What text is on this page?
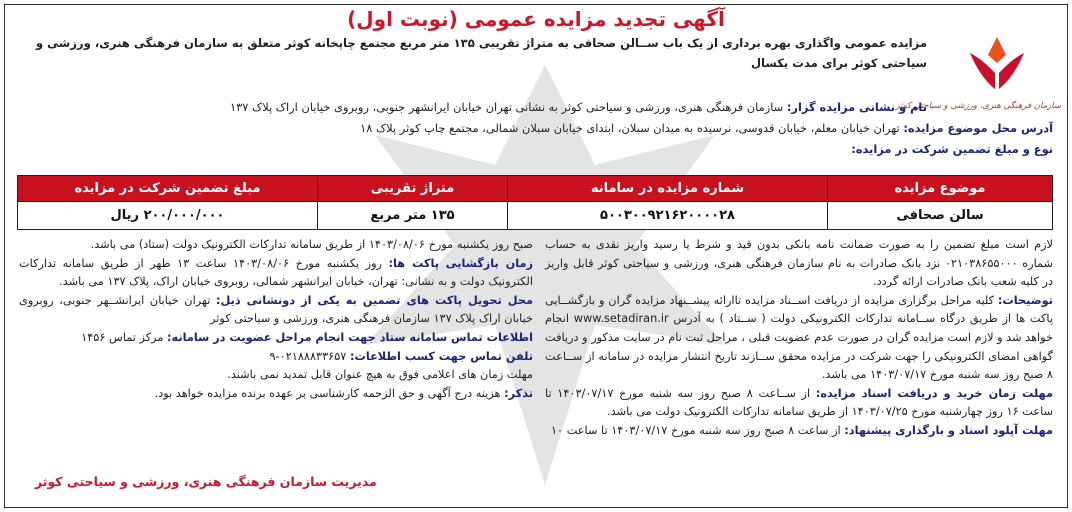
سازمان فرهنگی هنری، ورزشی و سیاحتی کوثر
آگهی تجدید مزایده عمومی (نوبت اول)
مزایده عمومی واگذاری بهره برداری از یک باب ســالن صحافی به متراژ تقریبی ۱۳۵ متر مربع مجتمع چاپخانه کوثر متعلق به سازمان فرهنگی هنری، ورزشی و سیاحتی کوثر برای مدت یکسال
نام و نشانی مزایده گزار: سازمان فرهنگی هنری، ورزشی و سیاحتی کوثر به نشانی تهران خیابان ایرانشهر جنوبی، روبروی خیابان اراک پلاک ۱۳۷
آدرس محل موضوع مزایده: تهران خیابان معلم، خیابان قدوسی، نرسیده به میدان سبلان، ابتدای خیابان سبلان شمالی، مجتمع چاپ کوثر پلاک ۱۸
نوع و مبلغ تضمین شرکت در مزایده:
موضوع مزایده	شماره مزایده در سامانه	متراژ تقریبی	مبلغ تضمین شرکت در مزایده
سالن صحافی	۵۰۰۳۰۰۹۲۱۶۲۰۰۰۰۲۸	۱۳۵ متر مربع	۲۰۰/۰۰۰/۰۰۰ ریال

لازم است مبلغ تضمین را به صورت ضمانت نامه بانکی بدون قید و شرط یا رسید واریز نقدی به حساب شماره ۰۲۱۰۳۸۶۵۵۰۰۰ نزد بانک صادرات به نام سازمان فرهنگی هنری، ورزشی و سیاحتی کوثر قابل واریز در کلیه شعب بانک صادرات ارائه گردد.

توضیحات: کلیه مراحل برگزاری مزایده از دریافت اســناد مزایده تاارائه پیشــنهاد مزایده گران و بازگشــایی پاکت ها از طریق درگاه ســامانه تدارکات الکترونیکی دولت ( ســتاد ) به آدرس www.setadiran.ir انجام خواهد شد و لازم است مزایده گران در صورت عدم عضویت قبلی ، مراحل ثبت نام در سایت مذکور و دریافت گواهی امضای الکترونیکی را جهت شرکت در مزایده محقق ســازند تاریخ انتشار مزایده در سامانه از ســاعت ۸ صبح روز سه شنبه مورخ ۱۴۰۳/۰۷/۱۷ می باشد.

مهلت زمان خرید و دریافت اسناد مزایده: از ســاعت ۸ صبح روز سه شنبه مورخ ۱۴۰۳/۰۷/۱۷ تا ساعت ۱۶ روز چهارشنبه مورخ ۱۴۰۳/۰۷/۲۵ از طریق سامانه تدارکات الکترونیک دولت می باشد.

مهلت آپلود اسناد و بارگذاری پیشنهاد: از ساعت ۸ صبح روز سه شنبه مورخ ۱۴۰۳/۰۷/۱۷ تا ساعت ۱۰

صبح روز یکشنبه مورخ ۱۴۰۳/۰۸/۰۶ از طریق سامانه تدارکات الکترونیک دولت (ستاد) می باشد.

زمان بازگشایی پاکت ها: روز یکشنبه مورخ ۱۴۰۳/۰۸/۰۶ ساعت ۱۳ ظهر از طریق سامانه تدارکات الکترونیک دولت و به نشانی: تهران، خیابان ایرانشهر شمالی، روبروی خیابان اراک، پلاک ۱۳۷ می باشد.

محل تحویل پاکت های تضمین به یکی از دونشانی ذیل: تهران خیابان ایرانشــهر جنوبی، روبروی خیابان اراک پلاک ۱۳۷ سازمان فرهنگی هنری، ورزشی و سیاحتی کوثر

اطلاعات تماس سامانه ستاد جهت انجام مراحل عضویت در سامانه: مرکز تماس ۱۴۵۶

تلفن تماس جهت کسب اطلاعات: ۰۲۱۸۸۸۳۳۶۵۷-۹

مهلت زمان های اعلامی فوق به هیچ عنوان قابل تمدید نمی باشند.

تذکر: هزینه درج آگهی و حق الزحمه کارشناسی بر عهده برنده مزایده خواهد بود.

مدیریت سازمان فرهنگی هنری، ورزشی و سیاحتی کوثر
